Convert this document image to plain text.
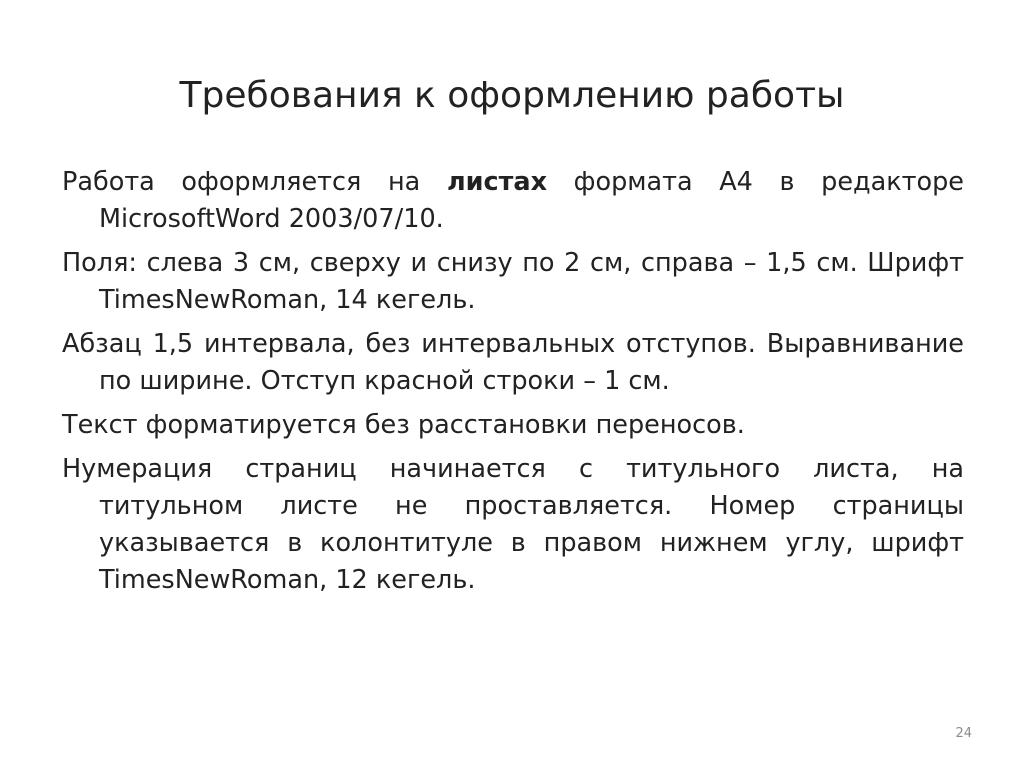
Требования к оформлению работы

Работа оформляется на листах формата А4 в редакторе MicrosoftWord 2003/07/10.

Поля: слева 3 см, сверху и снизу по 2 см, справа – 1,5 см. Шрифт TimesNewRoman, 14 кегель.

Абзац 1,5 интервала, без интервальных отступов. Выравнивание по ширине. Отступ красной строки – 1 см.

Текст форматируется без расстановки переносов.

Нумерация страниц начинается с титульного листа, на титульном листе не проставляется. Номер страницы указывается в колонтитуле в правом нижнем углу, шрифт TimesNewRoman, 12 кегель.

24
